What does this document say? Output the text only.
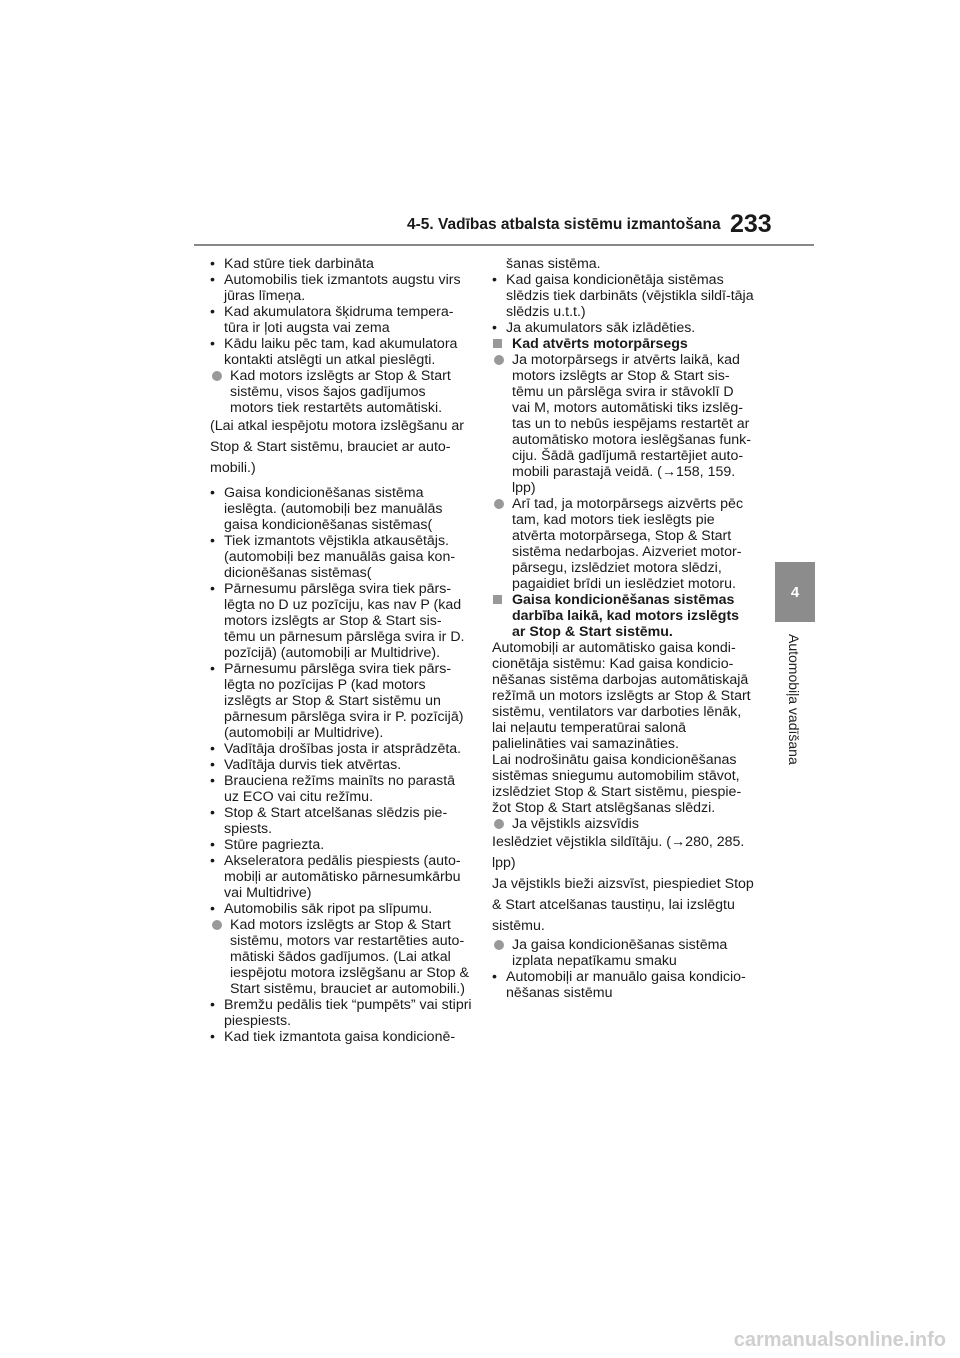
4-5. Vadības atbalsta sistēmu izmantošana 233
4
Automobiļa vadīšana

• Kad stūre tiek darbināta

• Automobilis tiek izmantots augstu virs jūras līmeņa.

• Kad akumulatora šķidruma tempera-tūra ir ļoti augsta vai zema

• Kādu laiku pēc tam, kad akumulatora kontakti atslēgti un atkal pieslēgti.

Kad motors izslēgts ar Stop & Start sistēmu, visos šajos gadījumos motors tiek restartēts automātiski.

(Lai atkal iespējotu motora izslēgšanu ar Stop & Start sistēmu, brauciet ar auto-mobili.)

• Gaisa kondicionēšanas sistēma ieslēgta. (automobiļi bez manuālās gaisa kondicionēšanas sistēmas(

• Tiek izmantots vējstikla atkausētājs. (automobiļi bez manuālās gaisa kon-dicionēšanas sistēmas(

• Pārnesumu pārslēga svira tiek pārs-lēgta no D uz pozīciju, kas nav P (kad motors izslēgts ar Stop & Start sis-tēmu un pārnesum pārslēga svira ir D. pozīcijā) (automobiļi ar Multidrive).

• Pārnesumu pārslēga svira tiek pārs-lēgta no pozīcijas P (kad motors izslēgts ar Stop & Start sistēmu un pārnesum pārslēga svira ir P. pozīcijā) (automobiļi ar Multidrive).

• Vadītāja drošības josta ir atsprādzēta.

• Vadītāja durvis tiek atvērtas.

• Brauciena režīms mainīts no parastā uz ECO vai citu režīmu.

• Stop & Start atcelšanas slēdzis pie-spiests.

• Stūre pagriezta.

• Akseleratora pedālis piespiests (auto-mobiļi ar automātisko pārnesumkārbu vai Multidrive)

• Automobilis sāk ripot pa slīpumu.

Kad motors izslēgts ar Stop & Start sistēmu, motors var restartēties auto-mātiski šādos gadījumos. (Lai atkal iespējotu motora izslēgšanu ar Stop & Start sistēmu, brauciet ar automobili.)

• Bremžu pedālis tiek “pumpēts” vai stipri piespiests.

• Kad tiek izmantota gaisa kondicionē-

šanas sistēma.

• Kad gaisa kondicionētāja sistēmas slēdzis tiek darbināts (vējstikla sildī-tāja slēdzis u.t.t.)

• Ja akumulators sāk izlādēties.

Kad atvērts motorpārsegs

Ja motorpārsegs ir atvērts laikā, kad motors izslēgts ar Stop & Start sis-tēmu un pārslēga svira ir stāvoklī D vai M, motors automātiski tiks izslēg-tas un to nebūs iespējams restartēt ar automātisko motora ieslēgšanas funk-ciju. Šādā gadījumā restartējiet auto-mobili parastajā veidā. (→158, 159. lpp)

Arī tad, ja motorpārsegs aizvērts pēc tam, kad motors tiek ieslēgts pie atvērta motorpārsega, Stop & Start sistēma nedarbojas. Aizveriet motor-pārsegu, izslēdziet motora slēdzi, pagaidiet brīdi un ieslēdziet motoru.

Gaisa kondicionēšanas sistēmas darbība laikā, kad motors izslēgts ar Stop & Start sistēmu.

Automobiļi ar automātisko gaisa kondi-cionētāja sistēmu: Kad gaisa kondicio-nēšanas sistēma darbojas automātiskajā režīmā un motors izslēgts ar Stop & Start sistēmu, ventilators var darboties lēnāk, lai neļautu temperatūrai salonā palielināties vai samazināties.

Lai nodrošinātu gaisa kondicionēšanas sistēmas sniegumu automobilim stāvot, izslēdziet Stop & Start sistēmu, piespie-žot Stop & Start atslēgšanas slēdzi.

Ja vējstikls aizsvīdis

Ieslēdziet vējstikla sildītāju. (→280, 285. lpp)

Ja vējstikls bieži aizsvīst, piespiediet Stop & Start atcelšanas taustiņu, lai izslēgtu sistēmu.

Ja gaisa kondicionēšanas sistēma izplata nepatīkamu smaku

• Automobiļi ar manuālo gaisa kondicio-nēšanas sistēmu

carmanualsonline.info
